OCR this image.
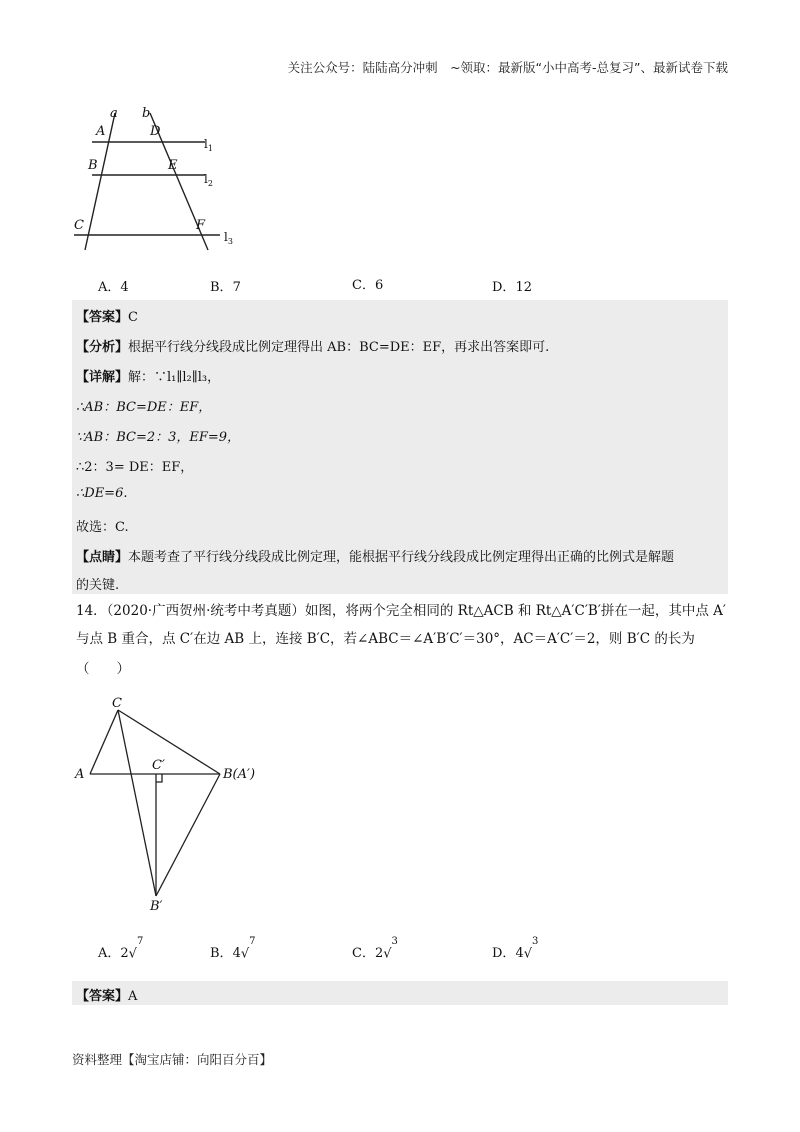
关注公众号：陆陆高分冲刺　~领取：最新版“小中高考-总复习”、最新试卷下载
a b
A	D
B	E
C	F
$l_1$
$l_2$
$l_3$
A．4	B．7	C．6	D．12
【答案】C
【分析】根据平行线分线段成比例定理得出 AB：BC=DE：EF，再求出答案即可.
【详解】解：∵l₁∥l₂∥l₃，
∴AB：BC=DE：EF，
∵AB：BC=2：3，EF=9，
∴2：3= DE：EF，
∴DE=6.
故选：C.
【点睛】本题考查了平行线分线段成比例定理，能根据平行线分线段成比例定理得出正确的比例式是解题
的关键.
14．（2020·广西贺州·统考中考真题）如图，将两个完全相同的 Rt△ACB 和 Rt△A′C′B′拼在一起，其中点 A′
与点 B 重合，点 C′在边 AB 上，连接 B′C，若∠ABC＝∠A′B′C′＝30°，AC＝A′C′＝2，则 B′C 的长为
（　　）
C
A
C′
B(A′)
B′
A．2√$^7$
B．4√$^7$
C．2√$^3$
D．4√$^3$
【答案】A
资料整理【淘宝店铺：向阳百分百】
